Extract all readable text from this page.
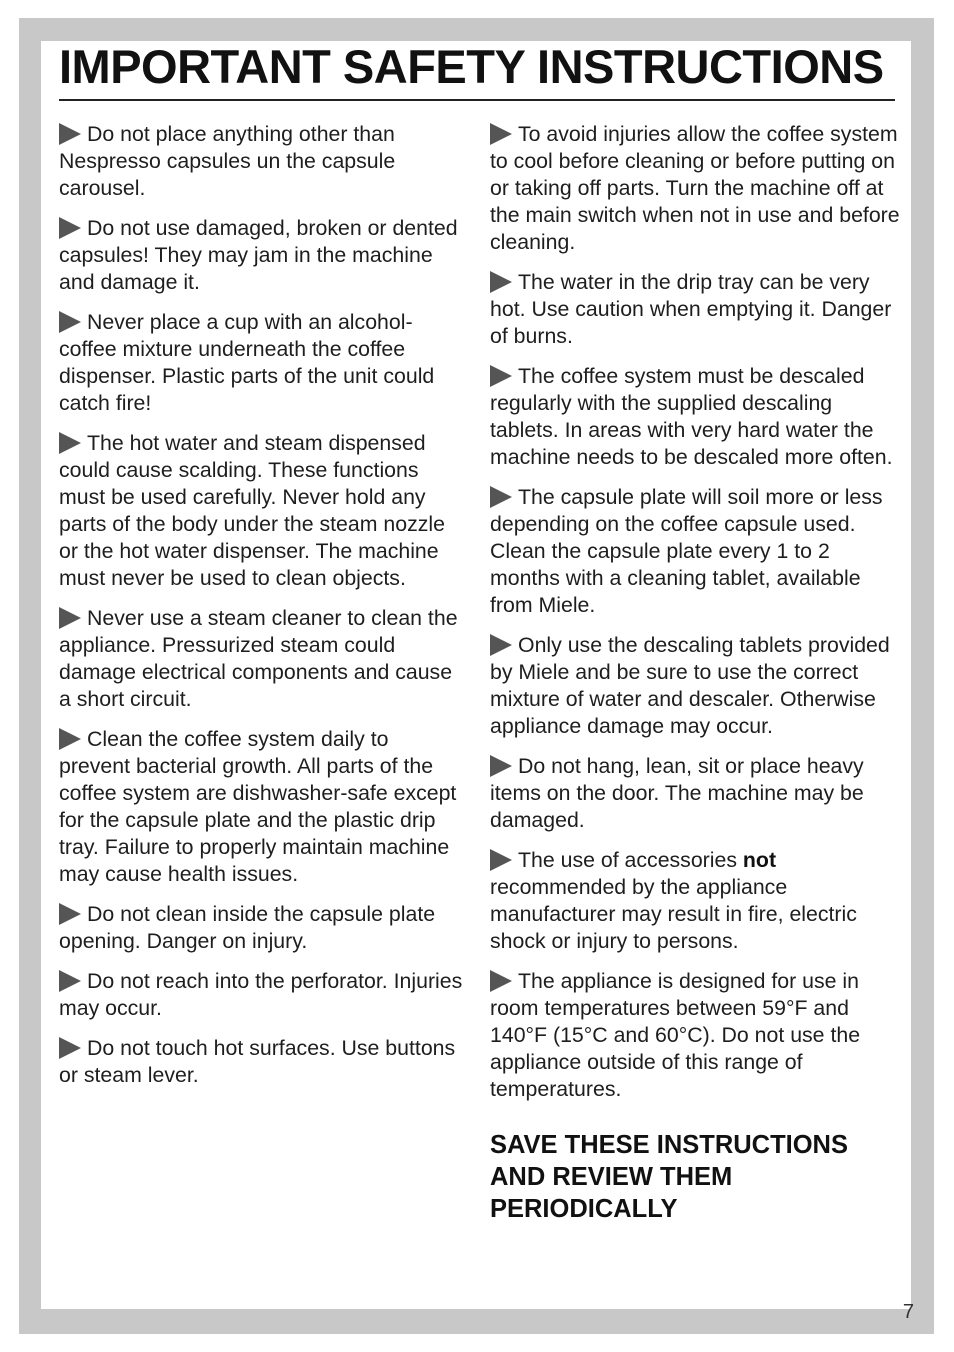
IMPORTANT SAFETY INSTRUCTIONS

Do not place anything other than Nespresso capsules un the capsule carousel.

Do not use damaged, broken or dented capsules! They may jam in the machine and damage it.

Never place a cup with an alcohol-coffee mixture underneath the coffee dispenser. Plastic parts of the unit could catch fire!

The hot water and steam dispensed could cause scalding. These functions must be used carefully. Never hold any parts of the body under the steam nozzle or the hot water dispenser. The machine must never be used to clean objects.

Never use a steam cleaner to clean the appliance. Pressurized steam could damage electrical components and cause a short circuit.

Clean the coffee system daily to prevent bacterial growth. All parts of the coffee system are dishwasher-safe except for the capsule plate and the plastic drip tray. Failure to properly maintain machine may cause health issues.

Do not clean inside the capsule plate opening. Danger on injury.

Do not reach into the perforator. Injuries may occur.

Do not touch hot surfaces. Use buttons or steam lever.

To avoid injuries allow the coffee system to cool before cleaning or before putting on or taking off parts. Turn the machine off at the main switch when not in use and before cleaning.

The water in the drip tray can be very hot. Use caution when emptying it. Danger of burns.

The coffee system must be descaled regularly with the supplied descaling tablets. In areas with very hard water the machine needs to be descaled more often.

The capsule plate will soil more or less depending on the coffee capsule used. Clean the capsule plate every 1 to 2 months with a cleaning tablet, available from Miele.

Only use the descaling tablets provided by Miele and be sure to use the correct mixture of water and descaler. Otherwise appliance damage may occur.

Do not hang, lean, sit or place heavy items on the door. The machine may be damaged.

The use of accessories not recommended by the appliance manufacturer may result in fire, electric shock or injury to persons.

The appliance is designed for use in room temperatures between 59°F and 140°F (15°C and 60°C). Do not use the appliance outside of this range of temperatures.

SAVE THESE INSTRUCTIONS AND REVIEW THEM PERIODICALLY

7
